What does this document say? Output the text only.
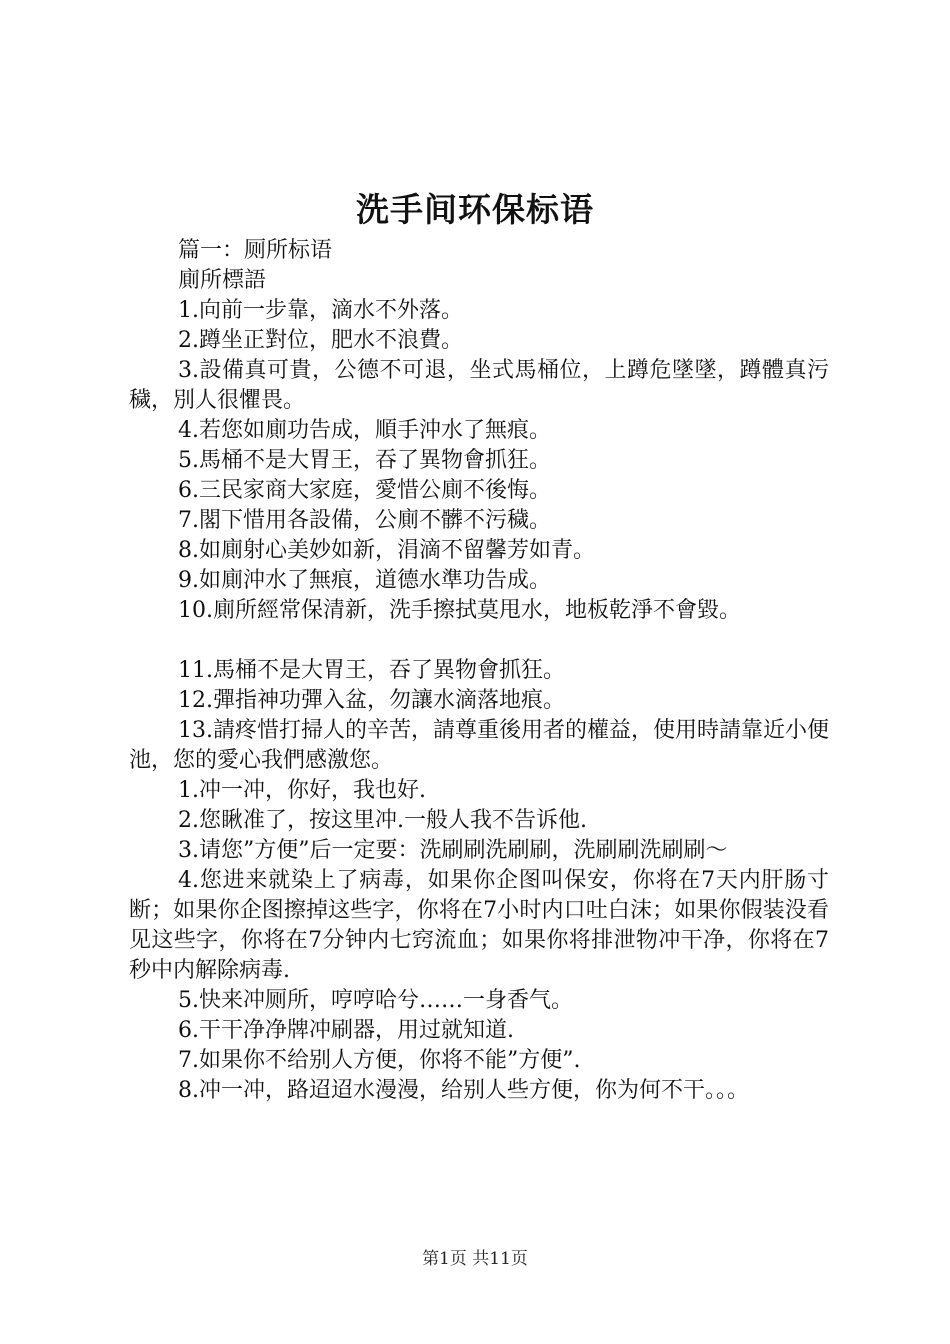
洗手间环保标语

篇一：厕所标语

廁所標語

1.向前一步靠，滴水不外落。

2.蹲坐正對位，肥水不浪費。

3.設備真可貴，公德不可退，坐式馬桶位，上蹲危墜墜，蹲體真污穢，別人很懼畏。

4.若您如廁功告成，順手沖水了無痕。

5.馬桶不是大胃王，吞了異物會抓狂。

6.三民家商大家庭，愛惜公廁不後悔。

7.閣下惜用各設備，公廁不髒不污穢。

8.如廁射心美妙如新，涓滴不留馨芳如青。

9.如廁沖水了無痕，道德水準功告成。

10.廁所經常保清新，洗手擦拭莫甩水，地板乾淨不會毀。

11.馬桶不是大胃王，吞了異物會抓狂。

12.彈指神功彈入盆，勿讓水滴落地痕。

13.請疼惜打掃人的辛苦，請尊重後用者的權益，使用時請靠近小便池，您的愛心我們感激您。

1.冲一冲，你好，我也好.

2.您瞅准了，按这里冲.一般人我不告诉他.

3.请您”方便”后一定要：洗刷刷洗刷刷，洗刷刷洗刷刷～

4.您进来就染上了病毒，如果你企图叫保安，你将在7天内肝肠寸断；如果你企图擦掉这些字，你将在7小时内口吐白沫；如果你假装没看见这些字，你将在7分钟内七窍流血；如果你将排泄物冲干净，你将在7秒中内解除病毒.

5.快来冲厕所，哼哼哈兮……一身香气。

6.干干净净牌冲刷器，用过就知道.

7.如果你不给别人方便，你将不能”方便”.

8.冲一冲，路迢迢水漫漫，给别人些方便，你为何不干。。。

第1页 共11页
